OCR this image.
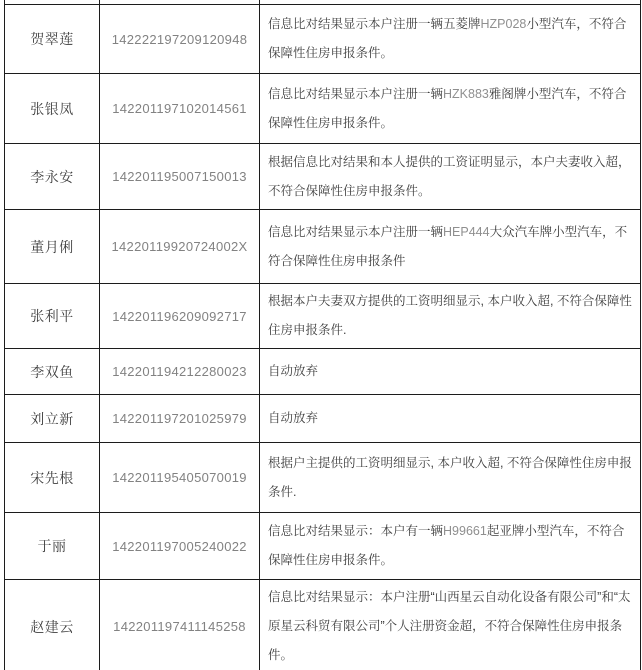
贺翠莲	142222197209120948	信息比对结果显示本户注册一辆五菱牌HZP028小型汽车，不符合保障性住房申报条件。
张银凤	142201197102014561	信息比对结果显示本户注册一辆HZK883雅阁牌小型汽车，不符合保障性住房申报条件。
李永安	142201195007150013	根据信息比对结果和本人提供的工资证明显示，本户夫妻收入超，不符合保障性住房申报条件。
董月俐	14220119920724002X	信息比对结果显示本户注册一辆HEP444大众汽车牌小型汽车，不符合保障性住房申报条件
张利平	142201196209092717	根据本户夫妻双方提供的工资明细显示, 本户收入超, 不符合保障性住房申报条件.
李双鱼	142201194212280023	自动放弃
刘立新	142201197201025979	自动放弃
宋先根	142201195405070019	根据户主提供的工资明细显示, 本户收入超, 不符合保障性住房申报条件.
于丽	142201197005240022	信息比对结果显示：本户有一辆H99661起亚牌小型汽车，不符合保障性住房申报条件。
赵建云	142201197411145258	信息比对结果显示：本户注册“山西星云自动化设备有限公司”和“太原星云科贸有限公司”个人注册资金超，不符合保障性住房申报条件。
